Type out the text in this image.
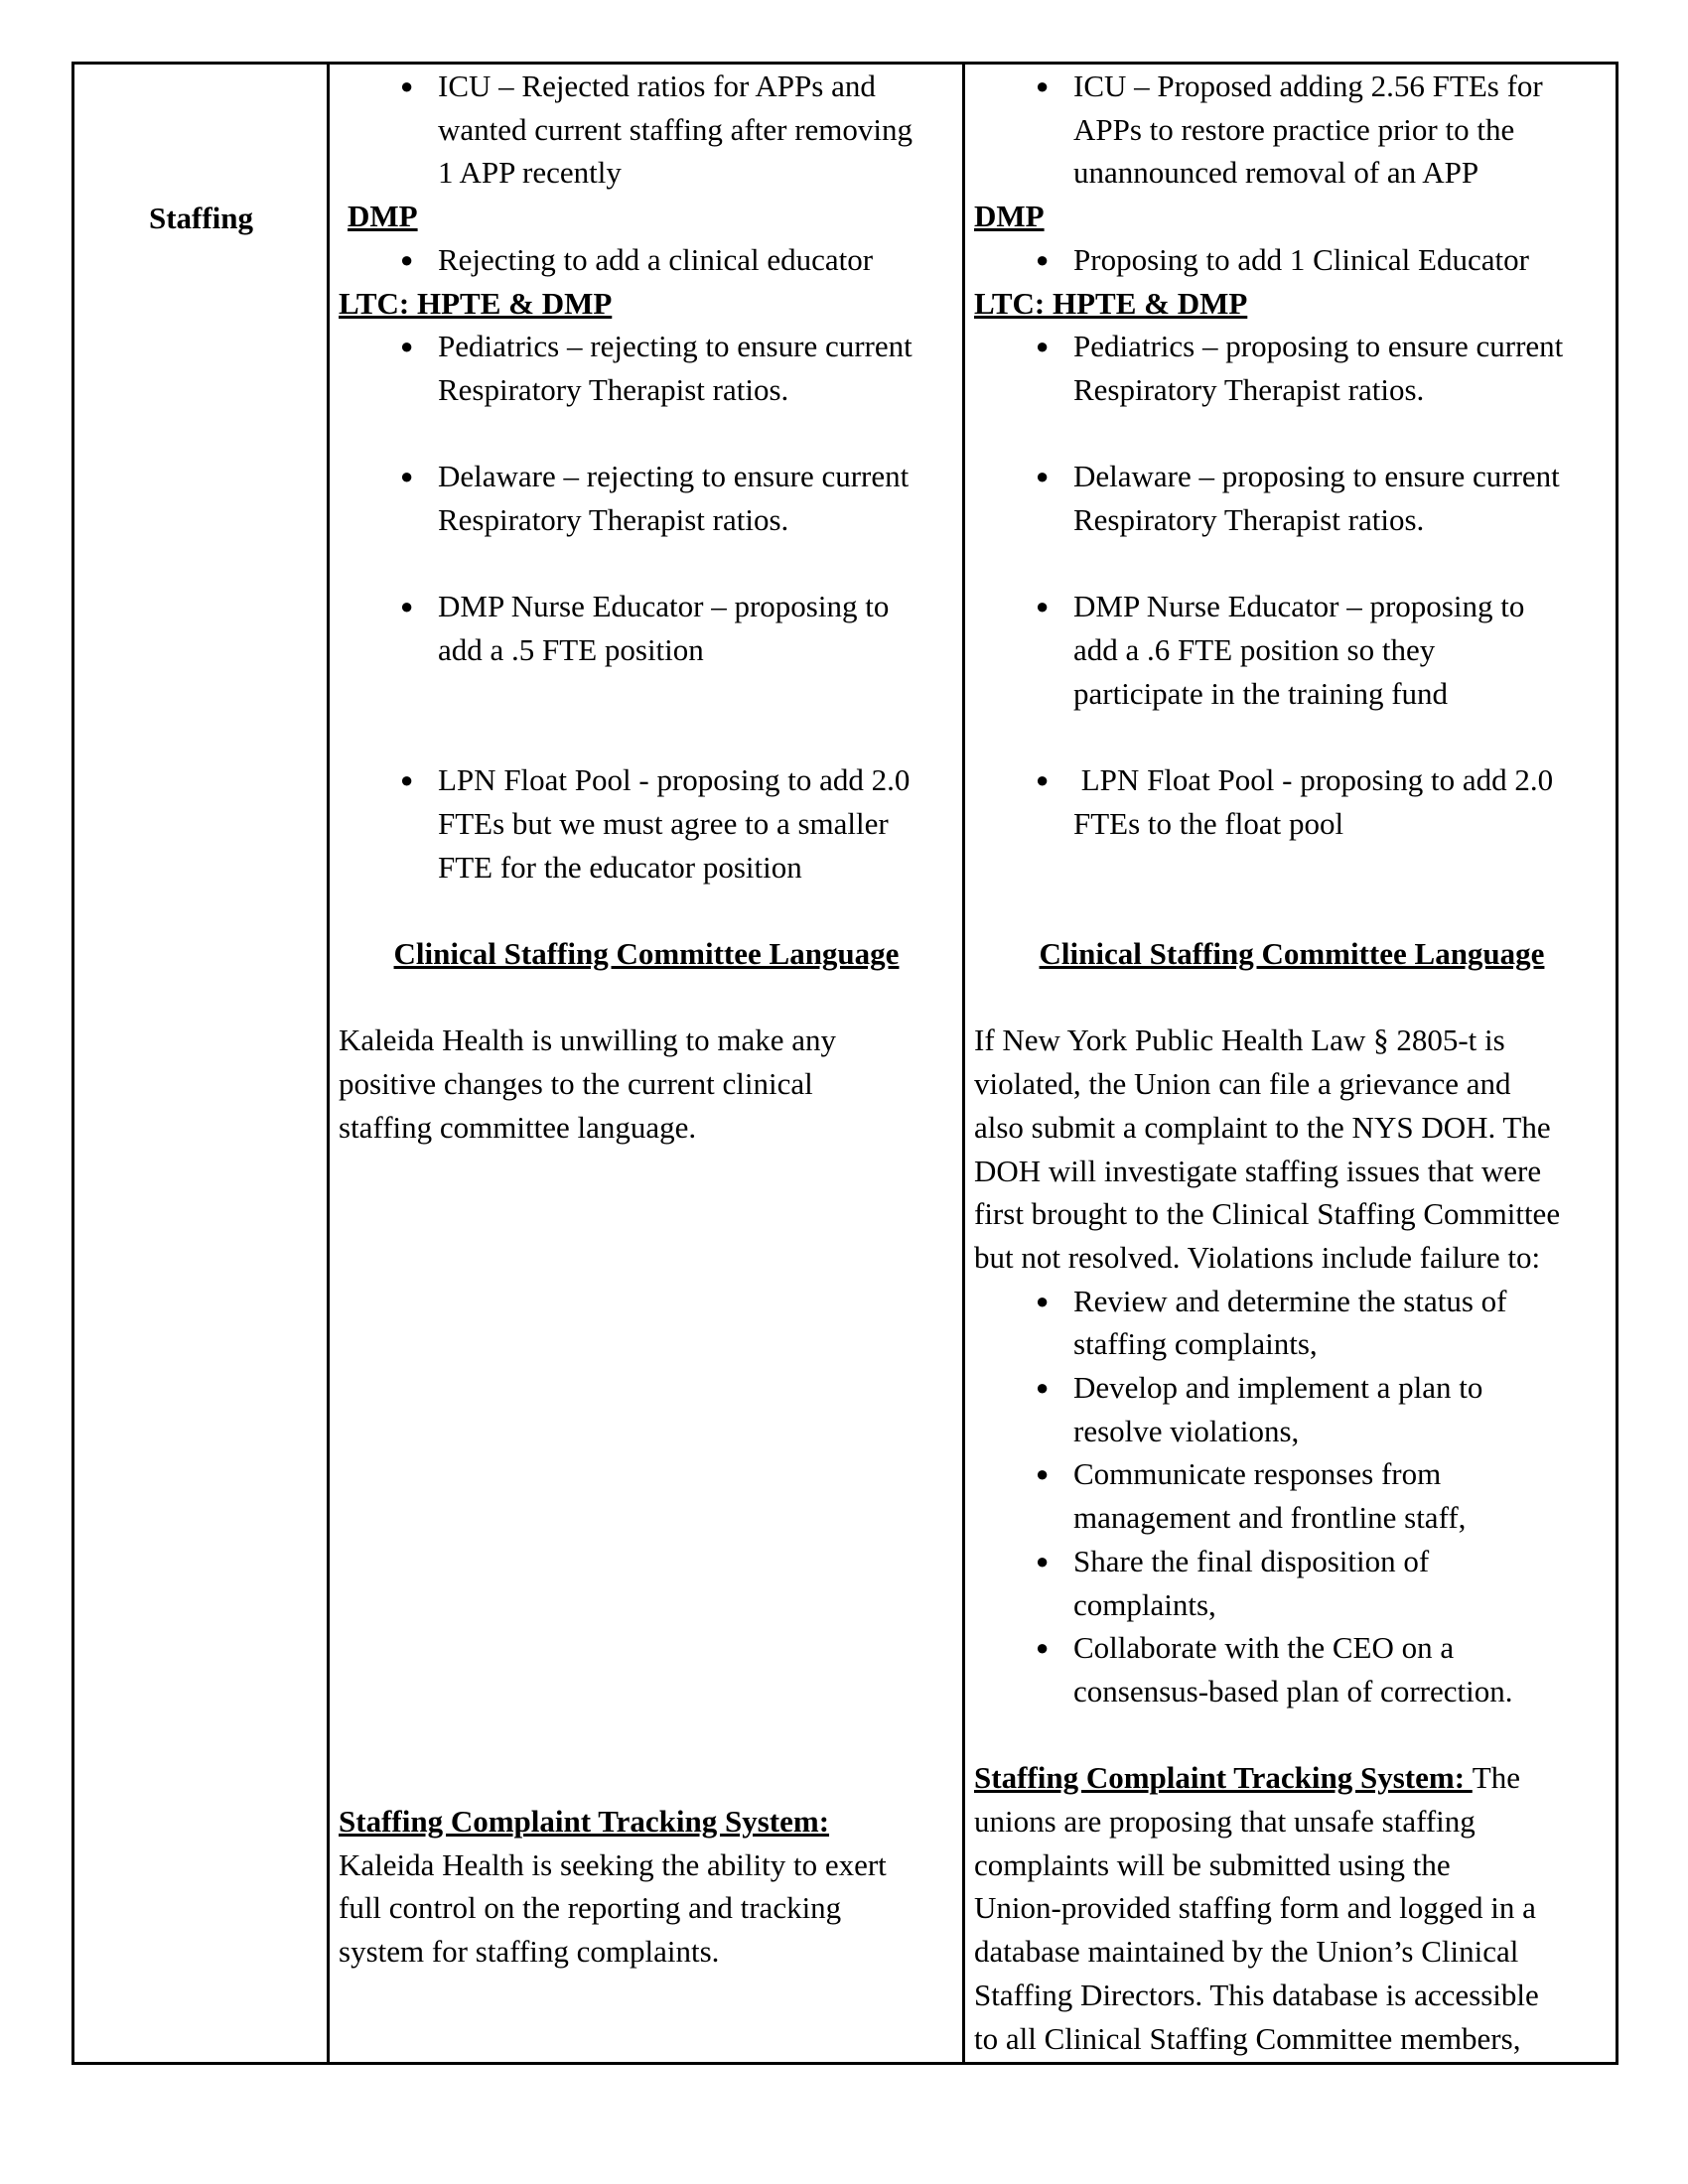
Staffing
● ICU – Rejected ratios for APPs and
wanted current staffing after removing
1 APP recently
DMP
● Rejecting to add a clinical educator
LTC: HPTE & DMP
● Pediatrics – rejecting to ensure current
Respiratory Therapist ratios.
● Delaware – rejecting to ensure current
Respiratory Therapist ratios.
● DMP Nurse Educator – proposing to
add a .5 FTE position
● LPN Float Pool - proposing to add 2.0
FTEs but we must agree to a smaller
FTE for the educator position
Clinical Staffing Committee Language
Kaleida Health is unwilling to make any
positive changes to the current clinical
staffing committee language.
Staffing Complaint Tracking System:
Kaleida Health is seeking the ability to exert
full control on the reporting and tracking
system for staffing complaints.
● ICU – Proposed adding 2.56 FTEs for
APPs to restore practice prior to the
unannounced removal of an APP
DMP
● Proposing to add 1 Clinical Educator
LTC: HPTE & DMP
● Pediatrics – proposing to ensure current
Respiratory Therapist ratios.
● Delaware – proposing to ensure current
Respiratory Therapist ratios.
● DMP Nurse Educator – proposing to
add a .6 FTE position so they
participate in the training fund
● LPN Float Pool - proposing to add 2.0
FTEs to the float pool
Clinical Staffing Committee Language
If New York Public Health Law § 2805-t is
violated, the Union can file a grievance and
also submit a complaint to the NYS DOH. The
DOH will investigate staffing issues that were
first brought to the Clinical Staffing Committee
but not resolved. Violations include failure to:
● Review and determine the status of
staffing complaints,
● Develop and implement a plan to
resolve violations,
● Communicate responses from
management and frontline staff,
● Share the final disposition of
complaints,
● Collaborate with the CEO on a
consensus-based plan of correction.
Staffing Complaint Tracking System: The
unions are proposing that unsafe staffing
complaints will be submitted using the
Union-provided staffing form and logged in a
database maintained by the Union’s Clinical
Staffing Directors. This database is accessible
to all Clinical Staffing Committee members,
